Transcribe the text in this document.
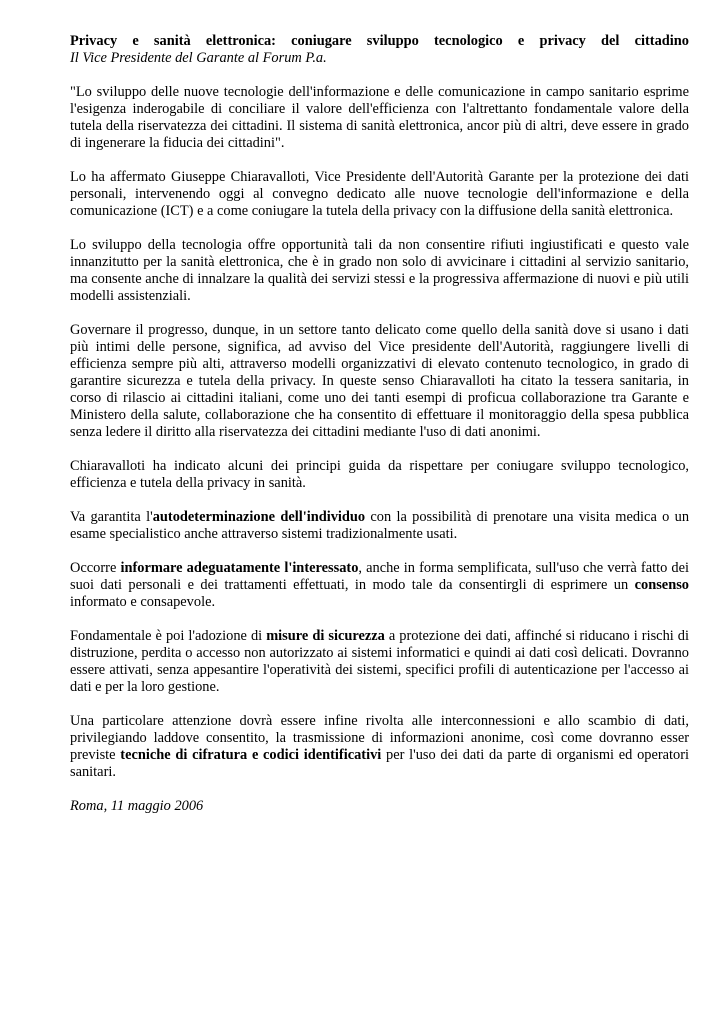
Privacy e sanità elettronica: coniugare sviluppo tecnologico e privacy del cittadino

Il Vice Presidente del Garante al Forum P.a.

"Lo sviluppo delle nuove tecnologie dell'informazione e delle comunicazione in campo sanitario esprime l'esigenza inderogabile di conciliare il valore dell'efficienza con l'altrettanto fondamentale valore della tutela della riservatezza dei cittadini. Il sistema di sanità elettronica, ancor più di altri, deve essere in grado di ingenerare la fiducia dei cittadini".

Lo ha affermato Giuseppe Chiaravalloti, Vice Presidente dell'Autorità Garante per la protezione dei dati personali, intervenendo oggi al convegno dedicato alle nuove tecnologie dell'informazione e della comunicazione (ICT) e a come coniugare la tutela della privacy con la diffusione della sanità elettronica.

Lo sviluppo della tecnologia offre opportunità tali da non consentire rifiuti ingiustificati e questo vale innanzitutto per la sanità elettronica, che è in grado non solo di avvicinare i cittadini al servizio sanitario, ma consente anche di innalzare la qualità dei servizi stessi e la progressiva affermazione di nuovi e più utili modelli assistenziali.

Governare il progresso, dunque, in un settore tanto delicato come quello della sanità dove si usano i dati più intimi delle persone, significa, ad avviso del Vice presidente dell'Autorità, raggiungere livelli di efficienza sempre più alti, attraverso modelli organizzativi di elevato contenuto tecnologico, in grado di garantire sicurezza e tutela della privacy. In queste senso Chiaravalloti ha citato la tessera sanitaria, in corso di rilascio ai cittadini italiani, come uno dei tanti esempi di proficua collaborazione tra Garante e Ministero della salute, collaborazione che ha consentito di effettuare il monitoraggio della spesa pubblica senza ledere il diritto alla riservatezza dei cittadini mediante l'uso di dati anonimi.

Chiaravalloti ha indicato alcuni dei principi guida da rispettare per coniugare sviluppo tecnologico, efficienza e tutela della privacy in sanità.

Va garantita l'autodeterminazione dell'individuo con la possibilità di prenotare una visita medica o un esame specialistico anche attraverso sistemi tradizionalmente usati.

Occorre informare adeguatamente l'interessato, anche in forma semplificata, sull'uso che verrà fatto dei suoi dati personali e dei trattamenti effettuati, in modo tale da consentirgli di esprimere un consenso informato e consapevole.

Fondamentale è poi l'adozione di misure di sicurezza a protezione dei dati, affinché si riducano i rischi di distruzione, perdita o accesso non autorizzato ai sistemi informatici e quindi ai dati così delicati. Dovranno essere attivati, senza appesantire l'operatività dei sistemi, specifici profili di autenticazione per l'accesso ai dati e per la loro gestione.

Una particolare attenzione dovrà essere infine rivolta alle interconnessioni e allo scambio di dati, privilegiando laddove consentito, la trasmissione di informazioni anonime, così come dovranno esser previste tecniche di cifratura e codici identificativi per l'uso dei dati da parte di organismi ed operatori sanitari.

Roma, 11 maggio 2006
